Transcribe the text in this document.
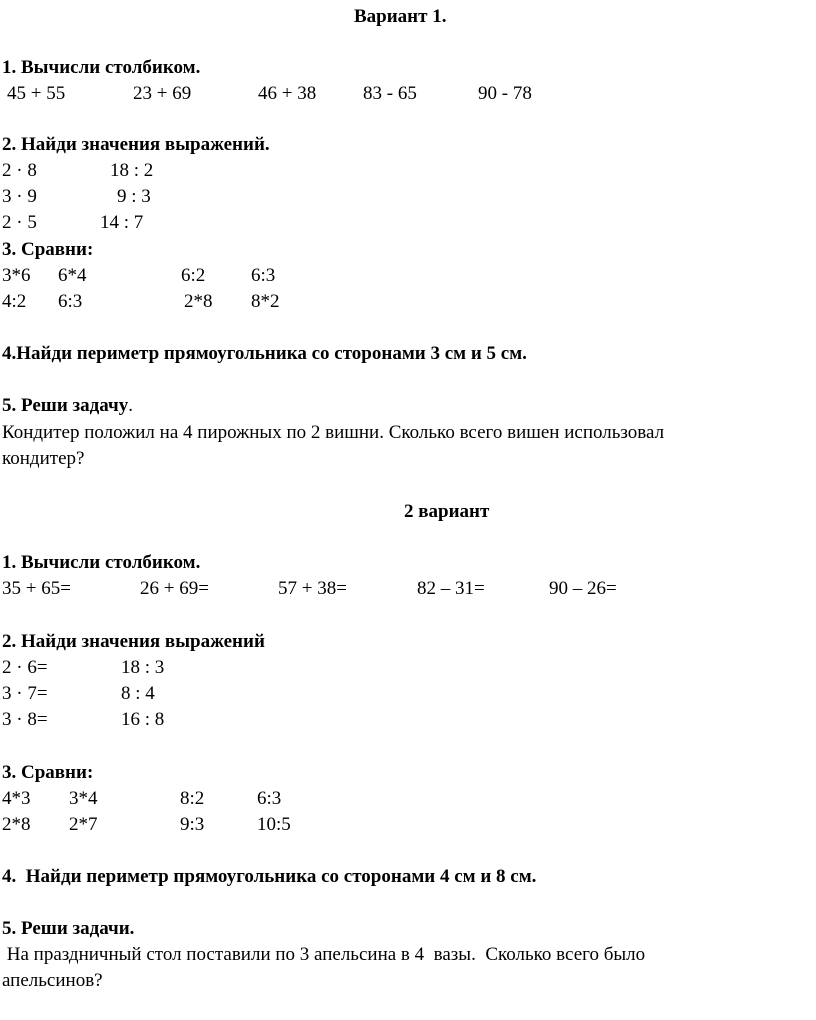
Вариант 1.
1. Вычисли столбиком.
45 + 55	23 + 69	46 + 38 83 - 65	90 - 78
2. Найди значения выражений.
2 · 8	18 : 2
3 · 9	9 : 3
2 · 5	14 : 7
3. Сравни:
3*6 6*4	6:2 6:3
4:2 6:3	2*8 8*2
4.Найди периметр прямоугольника со сторонами 3 см и 5 см.
5. Реши задачу.
Кондитер положил на 4 пирожных по 2 вишни. Сколько всего вишен использовал
кондитер?
2 вариант
1. Вычисли столбиком.
35 + 65=	26 + 69=	57 + 38=	82 – 31=	90 – 26=
2. Найди значения выражений
2 · 6=	18 : 3
3 · 7=	8 : 4
3 · 8=	16 : 8
3. Сравни:
4*3 3*4	8:2	6:3
2*8 2*7	9:3	10:5
4.  Найди периметр прямоугольника со сторонами 4 см и 8 см.
5. Реши задачи.
На праздничный стол поставили по 3 апельсина в 4  вазы.  Сколько всего было
апельсинов?
